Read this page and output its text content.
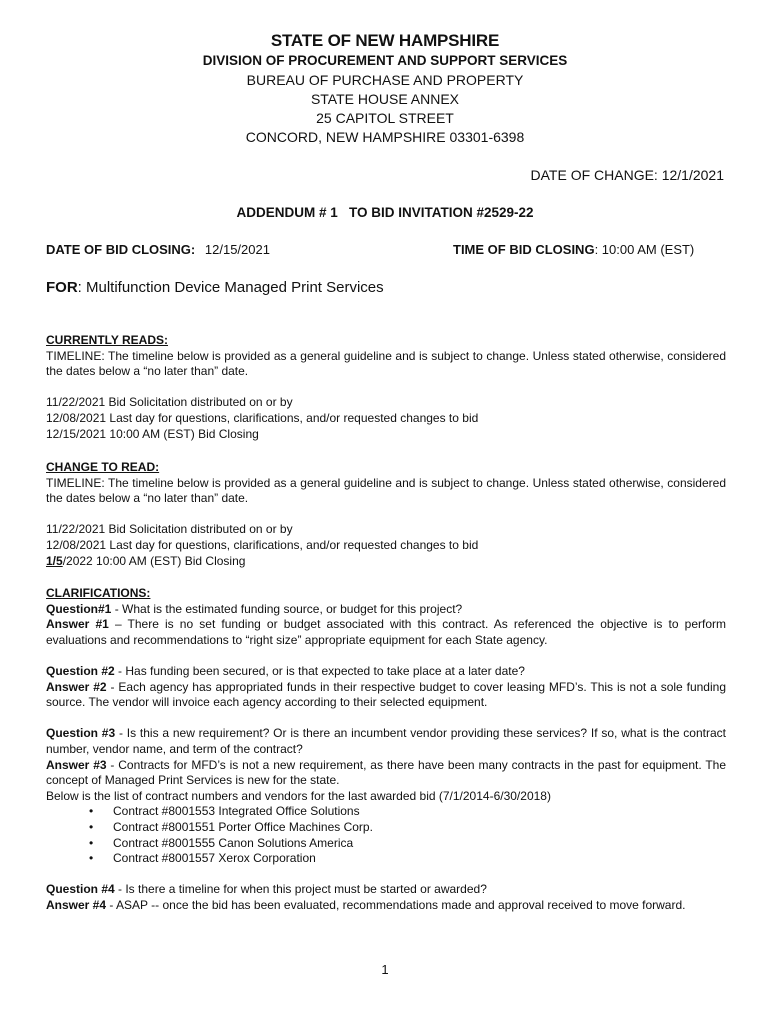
STATE OF NEW HAMPSHIRE
DIVISION OF PROCUREMENT AND SUPPORT SERVICES
BUREAU OF PURCHASE AND PROPERTY
STATE HOUSE ANNEX
25 CAPITOL STREET
CONCORD, NEW HAMPSHIRE 03301-6398
DATE OF CHANGE: 12/1/2021
ADDENDUM # 1   TO BID INVITATION #2529-22
DATE OF BID CLOSING: 12/15/2021	TIME OF BID CLOSING: 10:00 AM (EST)
FOR: Multifunction Device Managed Print Services

CURRENTLY READS:

TIMELINE: The timeline below is provided as a general guideline and is subject to change. Unless stated otherwise, considered the dates below a “no later than” date.

11/22/2021 Bid Solicitation distributed on or by

12/08/2021 Last day for questions, clarifications, and/or requested changes to bid

12/15/2021 10:00 AM (EST) Bid Closing

CHANGE TO READ:

TIMELINE: The timeline below is provided as a general guideline and is subject to change. Unless stated otherwise, considered the dates below a “no later than” date.

11/22/2021 Bid Solicitation distributed on or by

12/08/2021 Last day for questions, clarifications, and/or requested changes to bid

1/5/2022 10:00 AM (EST) Bid Closing

CLARIFICATIONS:

Question#1 - What is the estimated funding source, or budget for this project?

Answer #1 – There is no set funding or budget associated with this contract. As referenced the objective is to perform evaluations and recommendations to “right size” appropriate equipment for each State agency.

Question #2 - Has funding been secured, or is that expected to take place at a later date?

Answer #2 - Each agency has appropriated funds in their respective budget to cover leasing MFD’s. This is not a sole funding source. The vendor will invoice each agency according to their selected equipment.

Question #3 - Is this a new requirement? Or is there an incumbent vendor providing these services? If so, what is the contract number, vendor name, and term of the contract?

Answer #3 - Contracts for MFD’s is not a new requirement, as there have been many contracts in the past for equipment. The concept of Managed Print Services is new for the state.

Below is the list of contract numbers and vendors for the last awarded bid (7/1/2014-6/30/2018)

• Contract #8001553 Integrated Office Solutions
• Contract #8001551 Porter Office Machines Corp.
• Contract #8001555 Canon Solutions America
• Contract #8001557 Xerox Corporation

Question #4 - Is there a timeline for when this project must be started or awarded?

Answer #4 - ASAP -- once the bid has been evaluated, recommendations made and approval received to move forward.

1
